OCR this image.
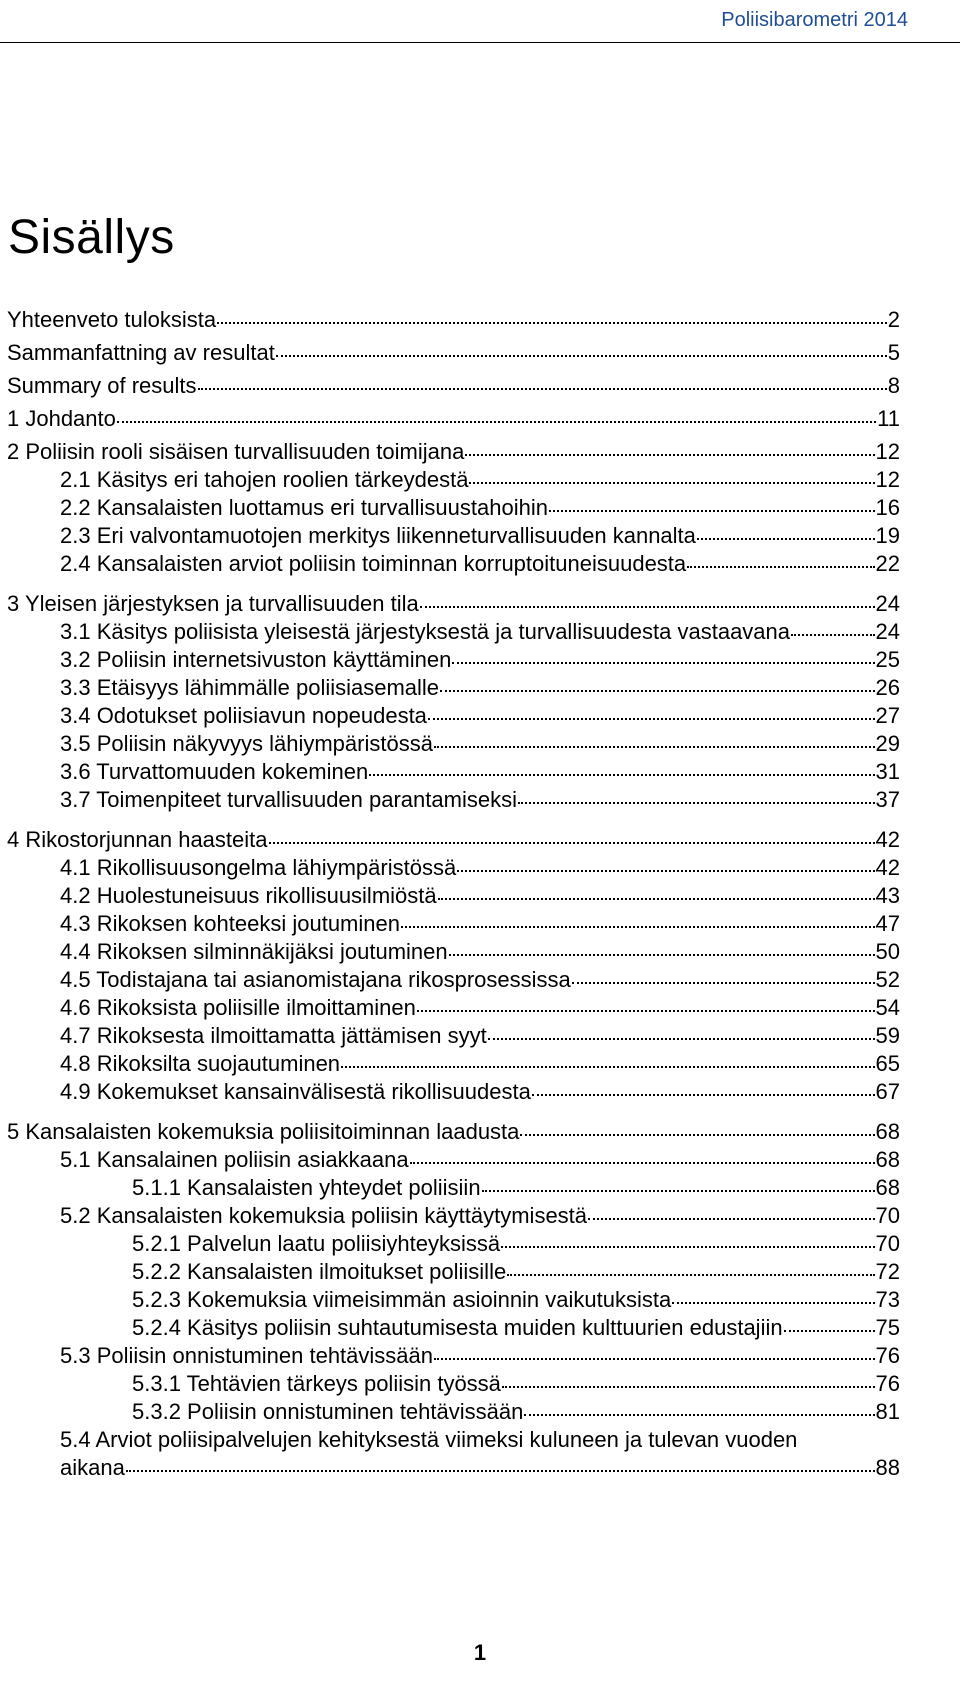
Poliisibarometri 2014
Sisällys
Yhteenveto tuloksista	2
Sammanfattning av resultat	5
Summary of results	8
1 Johdanto	11
2 Poliisin rooli sisäisen turvallisuuden toimijana	12
2.1 Käsitys eri tahojen roolien tärkeydestä	12
2.2 Kansalaisten luottamus eri turvallisuustahoihin	16
2.3 Eri valvontamuotojen merkitys liikenneturvallisuuden kannalta	19
2.4 Kansalaisten arviot poliisin toiminnan korruptoituneisuudesta	22
3 Yleisen järjestyksen ja turvallisuuden tila	24
3.1 Käsitys poliisista yleisestä järjestyksestä ja turvallisuudesta vastaavana	24
3.2 Poliisin internetsivuston käyttäminen	25
3.3 Etäisyys lähimmälle poliisiasemalle	26
3.4 Odotukset poliisiavun nopeudesta	27
3.5 Poliisin näkyvyys lähiympäristössä	29
3.6 Turvattomuuden kokeminen	31
3.7 Toimenpiteet turvallisuuden parantamiseksi	37
4 Rikostorjunnan haasteita	42
4.1 Rikollisuusongelma lähiympäristössä	42
4.2 Huolestuneisuus rikollisuusilmiöstä	43
4.3 Rikoksen kohteeksi joutuminen	47
4.4 Rikoksen silminnäkijäksi joutuminen	50
4.5 Todistajana tai asianomistajana rikosprosessissa	52
4.6 Rikoksista poliisille ilmoittaminen	54
4.7 Rikoksesta ilmoittamatta jättämisen syyt	59
4.8 Rikoksilta suojautuminen	65
4.9 Kokemukset kansainvälisestä rikollisuudesta	67
5 Kansalaisten kokemuksia poliisitoiminnan laadusta	68
5.1 Kansalainen poliisin asiakkaana	68
5.1.1 Kansalaisten yhteydet poliisiin	68
5.2 Kansalaisten kokemuksia poliisin käyttäytymisestä	70
5.2.1 Palvelun laatu poliisiyhteyksissä	70
5.2.2 Kansalaisten ilmoitukset poliisille	72
5.2.3 Kokemuksia viimeisimmän asioinnin vaikutuksista	73
5.2.4 Käsitys poliisin suhtautumisesta muiden kulttuurien edustajiin	75
5.3 Poliisin onnistuminen tehtävissään	76
5.3.1 Tehtävien tärkeys poliisin työssä	76
5.3.2 Poliisin onnistuminen tehtävissään	81
5.4 Arviot poliisipalvelujen kehityksestä viimeksi kuluneen ja tulevan vuoden
aikana	88
1
